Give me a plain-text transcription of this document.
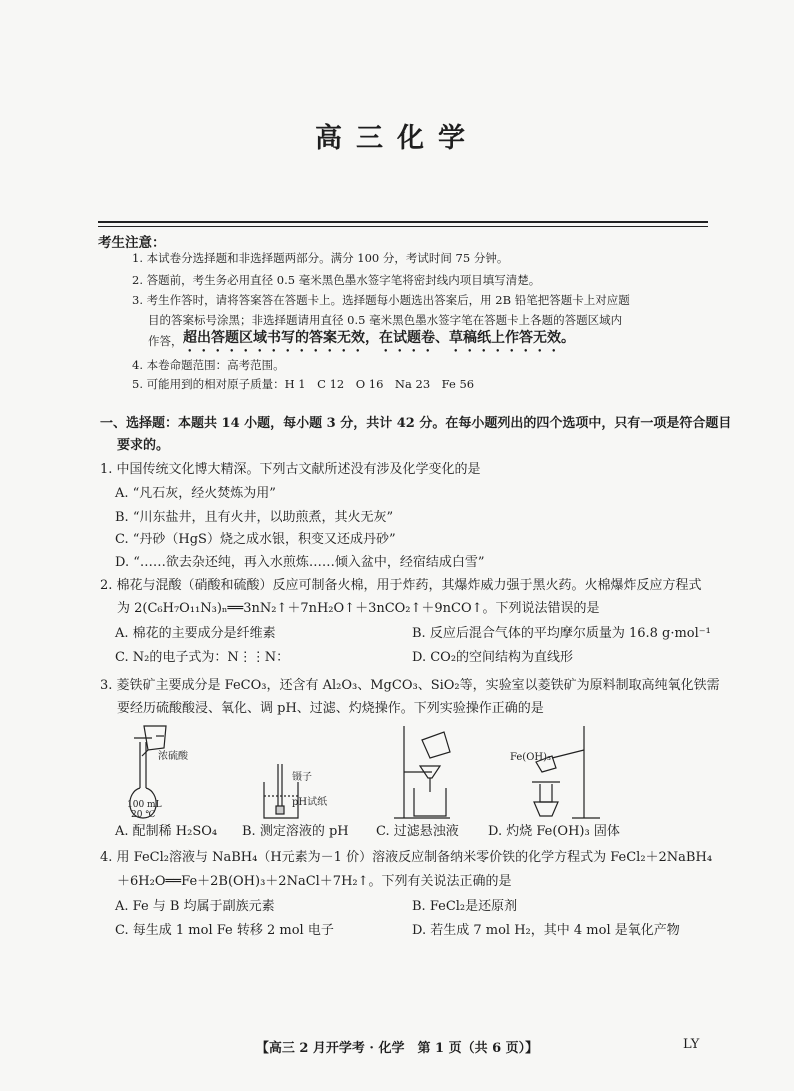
高三化学
考生注意：
1. 本试卷分选择题和非选择题两部分。满分 100 分，考试时间 75 分钟。
2. 答题前，考生务必用直径 0.5 毫米黑色墨水签字笔将密封线内项目填写清楚。
3. 考生作答时，请将答案答在答题卡上。选择题每小题选出答案后，用 2B 铅笔把答题卡上对应题
目的答案标号涂黑；非选择题请用直径 0.5 毫米黑色墨水签字笔在答题卡上各题的答题区域内
作答， 超出答题区域书写的答案无效，在试题卷、草稿纸上作答无效。
4. 本卷命题范围：高考范围。
5. 可能用到的相对原子质量：H 1　C 12　O 16　Na 23　Fe 56
一、选择题：本题共 14 小题，每小题 3 分，共计 42 分。在每小题列出的四个选项中，只有一项是符合题目
要求的。
1. 中国传统文化博大精深。下列古文献所述没有涉及化学变化的是
A. “凡石灰，经火焚炼为用”
B. “川东盐井，且有火井，以助煎煮，其火无灰”
C. “丹砂（HgS）烧之成水银，积变又还成丹砂”
D. “……欲去杂还纯，再入水煎炼……倾入盆中，经宿结成白雪”
2. 棉花与混酸（硝酸和硫酸）反应可制备火棉，用于炸药，其爆炸威力强于黑火药。火棉爆炸反应方程式
为 2(C₆H₇O₁₁N₃)ₙ══3nN₂↑＋7nH₂O↑＋3nCO₂↑＋9nCO↑。下列说法错误的是
A. 棉花的主要成分是纤维素	B. 反应后混合气体的平均摩尔质量为 16.8 g·mol⁻¹
C. N₂的电子式为：N⋮⋮N：	D. CO₂的空间结构为直线形
3. 菱铁矿主要成分是 FeCO₃，还含有 Al₂O₃、MgCO₃、SiO₂等，实验室以菱铁矿为原料制取高纯氧化铁需
要经历硫酸酸浸、氧化、调 pH、过滤、灼烧操作。下列实验操作正确的是
100 mL
20 ℃
浓硫酸
镊子
pH试纸
Fe(OH)₃
A. 配制稀 H₂SO₄ B. 测定溶液的 pH C. 过滤悬浊液 D. 灼烧 Fe(OH)₃ 固体
4. 用 FeCl₂溶液与 NaBH₄（H元素为－1 价）溶液反应制备纳米零价铁的化学方程式为 FeCl₂＋2NaBH₄
＋6H₂O══Fe＋2B(OH)₃＋2NaCl＋7H₂↑。下列有关说法正确的是
A. Fe 与 B 均属于副族元素	B. FeCl₂是还原剂
C. 每生成 1 mol Fe 转移 2 mol 电子	D. 若生成 7 mol H₂，其中 4 mol 是氧化产物
【高三 2 月开学考 · 化学　第 1 页（共 6 页）】	LY
